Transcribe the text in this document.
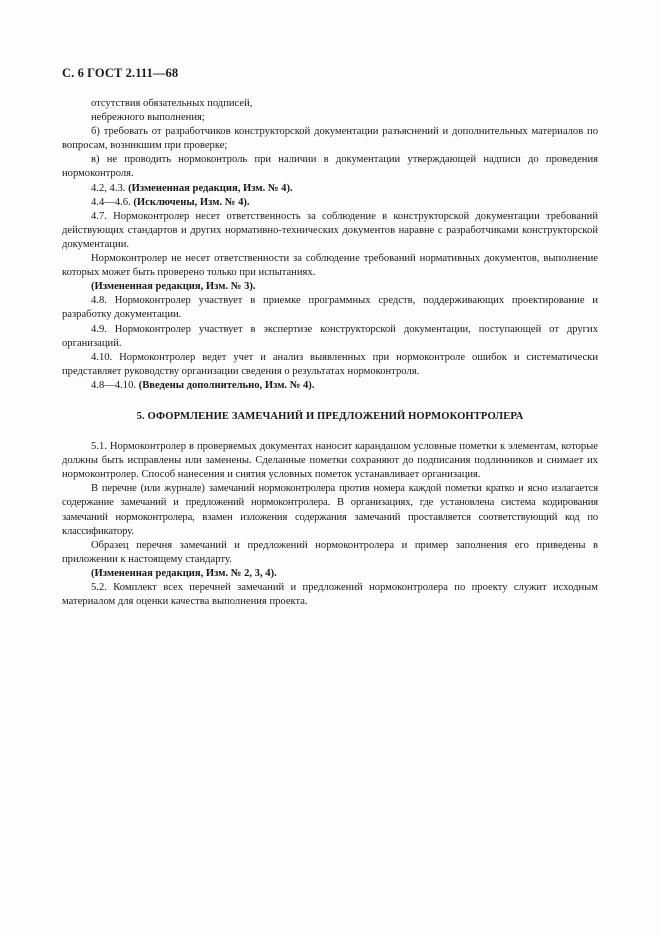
С. 6 ГОСТ 2.111—68

отсутствия обязательных подписей,

небрежного выполнения;

б) требовать от разработчиков конструкторской документации разъяснений и дополнительных материалов по вопросам, возникшим при проверке;

в) не проводить нормоконтроль при наличии в документации утверждающей надписи до проведения нормоконтроля.

4.2, 4.3. (Измененная редакция, Изм. № 4).

4.4—4.6. (Исключены, Изм. № 4).

4.7. Нормоконтролер несет ответственность за соблюдение в конструкторской документации требований действующих стандартов и других нормативно-технических документов наравне с разработчиками конструкторской документации.

Нормоконтролер не несет ответственности за соблюдение требований нормативных документов, выполнение которых может быть проверено только при испытаниях.

(Измененная редакция, Изм. № 3).

4.8. Нормоконтролер участвует в приемке программных средств, поддерживающих проектирование и разработку документации.

4.9. Нормоконтролер участвует в экспертизе конструкторской документации, поступающей от других организаций.

4.10. Нормоконтролер ведет учет и анализ выявленных при нормоконтроле ошибок и систематически представляет руководству организации сведения о результатах нормоконтроля.

4.8—4.10. (Введены дополнительно, Изм. № 4).

5. ОФОРМЛЕНИЕ ЗАМЕЧАНИЙ И ПРЕДЛОЖЕНИЙ НОРМОКОНТРОЛЕРА

5.1. Нормоконтролер в проверяемых документах наносит карандашом условные пометки к элементам, которые должны быть исправлены или заменены. Сделанные пометки сохраняют до подписания подлинников и снимает их нормоконтролер. Способ нанесения и снятия условных пометок устанавливает организация.

В перечне (или журнале) замечаний нормоконтролера против номера каждой пометки кратко и ясно излагается содержание замечаний и предложений нормоконтролера. В организациях, где установлена система кодирования замечаний нормоконтролера, взамен изложения содержания замечаний проставляется соответствующий код по классификатору.

Образец перечня замечаний и предложений нормоконтролера и пример заполнения его приведены в приложении к настоящему стандарту.

(Измененная редакция, Изм. № 2, 3, 4).

5.2. Комплект всех перечней замечаний и предложений нормоконтролера по проекту служит исходным материалом для оценки качества выполнения проекта.
